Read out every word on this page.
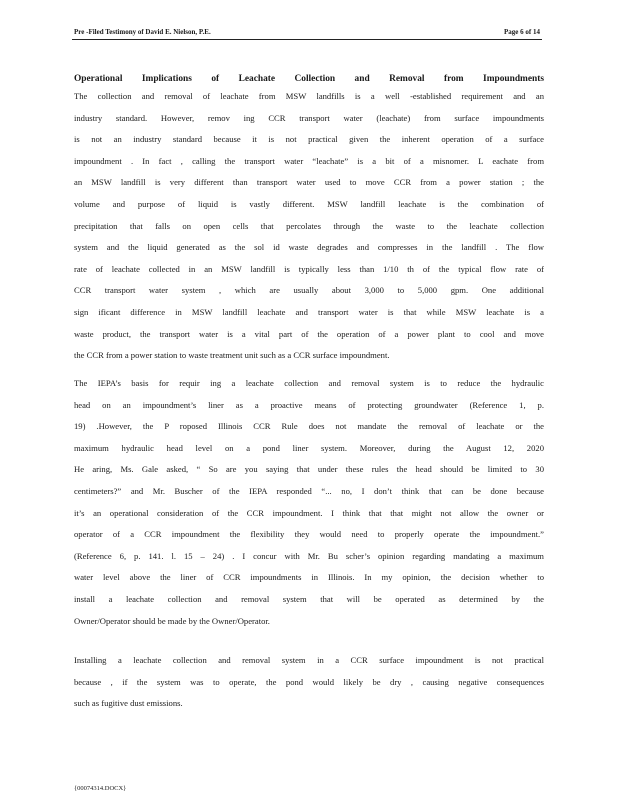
Pre -Filed Testimony of David E. Nielson, P.E.	Page 6 of 14
Operational Implications of Leachate Collection and Removal from Impoundments
The collection and removal of leachate from MSW landfills is a well -established requirement and an
industry standard. However, remov ing CCR transport water (leachate) from surface impoundments
is not an industry standard because it is not practical given the inherent operation of a surface
impoundment . In fact , calling the transport water “leachate” is a bit of a misnomer. L eachate from
an MSW landfill is very different than transport water used to move CCR from a power station ; the
volume and purpose of liquid is vastly different. MSW landfill leachate is the combination of
precipitation that falls on open cells that percolates through the waste to the leachate collection
system and the liquid generated as the sol id waste degrades and compresses in the landfill . The flow
rate of leachate collected in an MSW landfill is typically less than 1/10 th of the typical flow rate of
CCR transport water system , which are usually about 3,000 to 5,000 gpm. One additional
sign ificant difference in MSW landfill leachate and transport water is that while MSW leachate is a
waste product, the transport water is a vital part of the operation of a power plant to cool and move
the CCR from a power station to waste treatment unit such as a CCR surface impoundment.
The IEPA’s basis for requir ing a leachate collection and removal system is to reduce the hydraulic
head on an impoundment’s liner as a proactive means of protecting groundwater (Reference 1, p.
19) .However, the P roposed Illinois CCR Rule does not mandate the removal of leachate or the
maximum hydraulic head level on a pond liner system. Moreover, during the August 12, 2020
He aring, Ms. Gale asked, “ So are you saying that under these rules the head should be limited to 30
centimeters?” and Mr. Buscher of the IEPA responded “... no, I don’t think that can be done because
it’s an operational consideration of the CCR impoundment. I think that that might not allow the owner or
operator of a CCR impoundment the flexibility they would need to properly operate the impoundment.”
(Reference 6, p. 141. l. 15 – 24) . I concur with Mr. Bu scher’s opinion regarding mandating a maximum
water level above the liner of CCR impoundments in Illinois. In my opinion, the decision whether to
install a leachate collection and removal system that will be operated as determined by the
Owner/Operator should be made by the Owner/Operator.
Installing a leachate collection and removal system in a CCR surface impoundment is not practical
because , if the system was to operate, the pond would likely be dry , causing negative consequences
such as fugitive dust emissions.
{00074314.DOCX}
